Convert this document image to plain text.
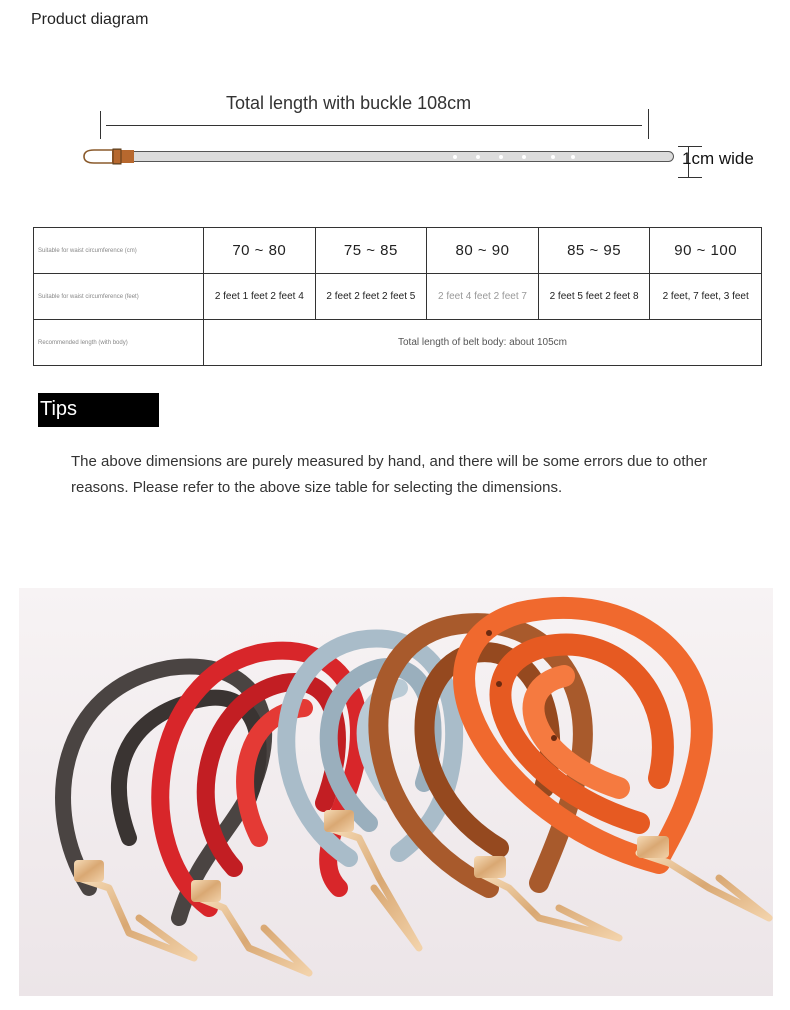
Product diagram
Total length with buckle 108cm
1cm wide
Suitable for waist circumference (cm)	70 ~ 80	75 ~ 85	80 ~ 90	85 ~ 95	90 ~ 100
Suitable for waist circumference (feet)	2 feet 1 feet 2 feet 4	2 feet 2 feet 2 feet 5	2 feet 4 feet 2 feet 7	2 feet 5 feet 2 feet 8	2 feet, 7 feet, 3 feet
Recommended length (with body)	Total length of belt body: about 105cm				
Tips
The above dimensions are purely measured by hand, and there will be some errors due to other reasons. Please refer to the above size table for selecting the dimensions.
